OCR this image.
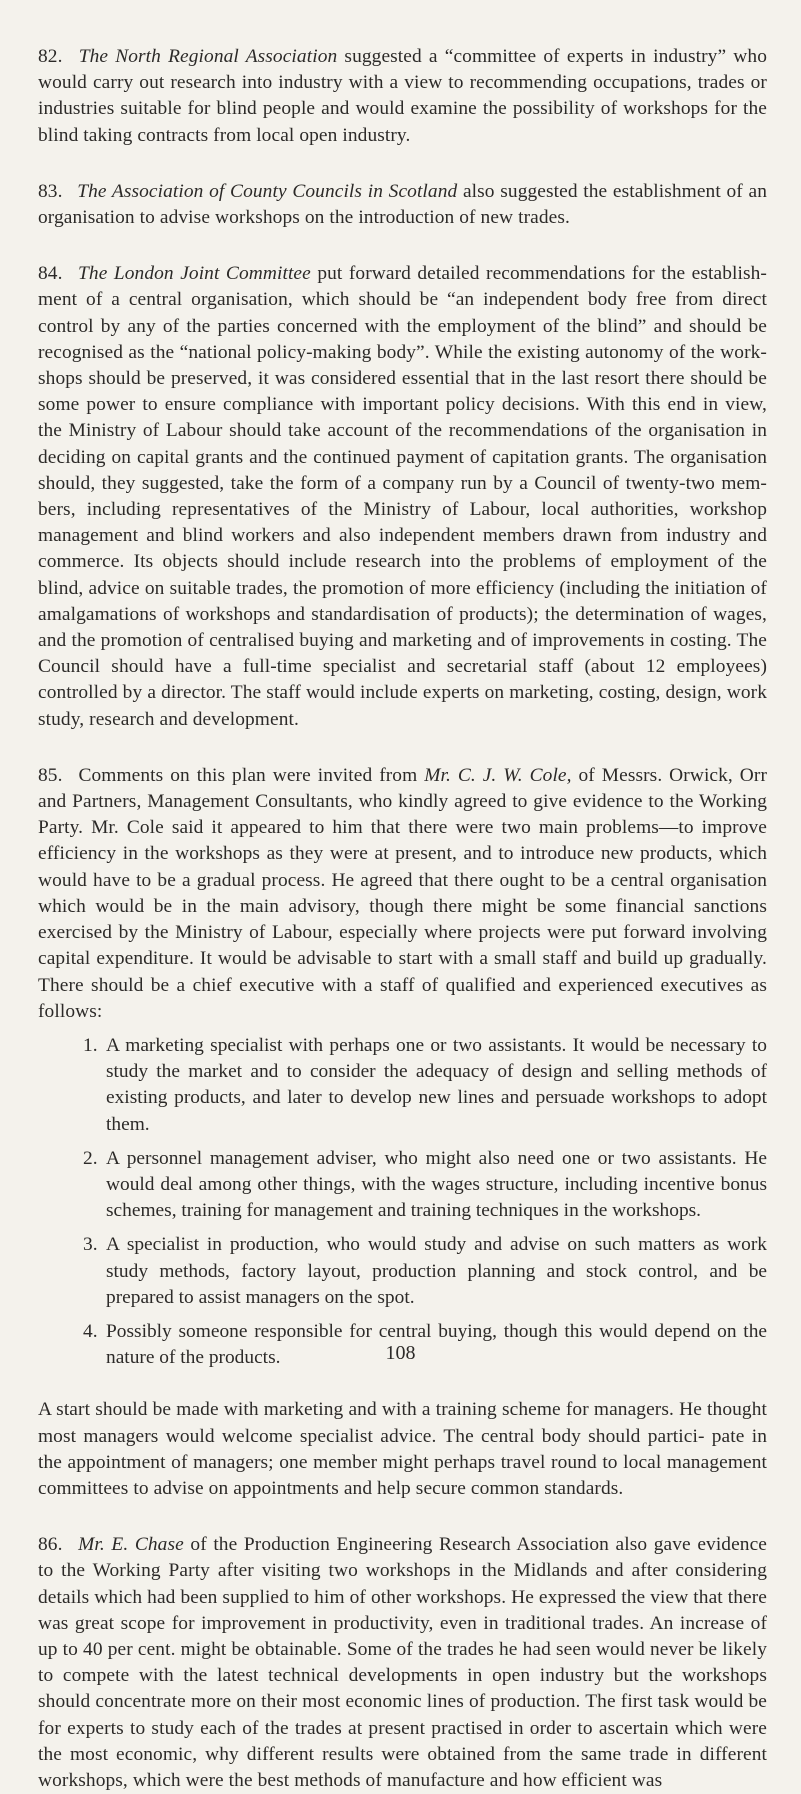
82. The North Regional Association suggested a “committee of experts in industry” who would carry out research into industry with a view to recommending occupations, trades or industries suitable for blind people and would examine the possibility of workshops for the blind taking contracts from local open industry.

83. The Association of County Councils in Scotland also suggested the establishment of an organisation to advise workshops on the introduction of new trades.

84. The London Joint Committee put forward detailed recommendations for the establish- ment of a central organisation, which should be “an independent body free from direct control by any of the parties concerned with the employment of the blind” and should be recognised as the “national policy-making body”. While the existing autonomy of the work- shops should be preserved, it was considered essential that in the last resort there should be some power to ensure compliance with important policy decisions. With this end in view, the Ministry of Labour should take account of the recommendations of the organisation in deciding on capital grants and the continued payment of capitation grants. The organisation should, they suggested, take the form of a company run by a Council of twenty-two mem- bers, including representatives of the Ministry of Labour, local authorities, workshop management and blind workers and also independent members drawn from industry and commerce. Its objects should include research into the problems of employment of the blind, advice on suitable trades, the promotion of more efficiency (including the initiation of amalgamations of workshops and standardisation of products); the determination of wages, and the promotion of centralised buying and marketing and of improvements in costing. The Council should have a full-time specialist and secretarial staff (about 12 employees) controlled by a director. The staff would include experts on marketing, costing, design, work study, research and development.

85. Comments on this plan were invited from Mr. C. J. W. Cole, of Messrs. Orwick, Orr and Partners, Management Consultants, who kindly agreed to give evidence to the Working Party. Mr. Cole said it appeared to him that there were two main problems—to improve efficiency in the workshops as they were at present, and to introduce new products, which would have to be a gradual process. He agreed that there ought to be a central organisation which would be in the main advisory, though there might be some financial sanctions exercised by the Ministry of Labour, especially where projects were put forward involving capital expenditure. It would be advisable to start with a small staff and build up gradually. There should be a chief executive with a staff of qualified and experienced executives as follows:

1. A marketing specialist with perhaps one or two assistants. It would be necessary to study the market and to consider the adequacy of design and selling methods of existing products, and later to develop new lines and persuade workshops to adopt them.
2. A personnel management adviser, who might also need one or two assistants. He would deal among other things, with the wages structure, including incentive bonus schemes, training for management and training techniques in the workshops.
3. A specialist in production, who would study and advise on such matters as work study methods, factory layout, production planning and stock control, and be prepared to assist managers on the spot.
4. Possibly someone responsible for central buying, though this would depend on the nature of the products.

A start should be made with marketing and with a training scheme for managers. He thought most managers would welcome specialist advice. The central body should partici- pate in the appointment of managers; one member might perhaps travel round to local management committees to advise on appointments and help secure common standards.

86. Mr. E. Chase of the Production Engineering Research Association also gave evidence to the Working Party after visiting two workshops in the Midlands and after considering details which had been supplied to him of other workshops. He expressed the view that there was great scope for improvement in productivity, even in traditional trades. An increase of up to 40 per cent. might be obtainable. Some of the trades he had seen would never be likely to compete with the latest technical developments in open industry but the workshops should concentrate more on their most economic lines of production. The first task would be for experts to study each of the trades at present practised in order to ascertain which were the most economic, why different results were obtained from the same trade in different workshops, which were the best methods of manufacture and how efficient was

108
